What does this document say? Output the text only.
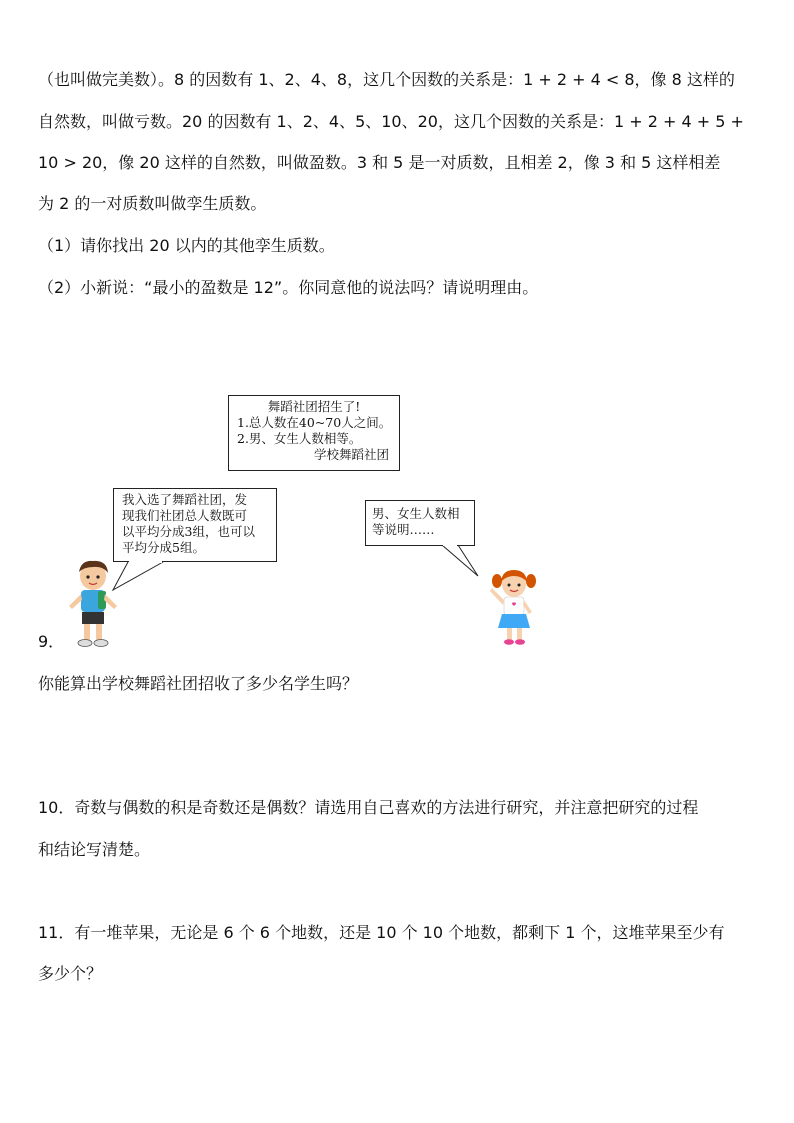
（也叫做完美数）。8 的因数有 1、2、4、8，这几个因数的关系是：1 + 2 + 4 < 8，像 8 这样的
自然数，叫做亏数。20 的因数有 1、2、4、5、10、20，这几个因数的关系是：1 + 2 + 4 + 5 +
10 > 20，像 20 这样的自然数，叫做盈数。3 和 5 是一对质数，且相差 2，像 3 和 5 这样相差
为 2 的一对质数叫做孪生质数。
（1）请你找出 20 以内的其他孪生质数。
（2）小新说：“最小的盈数是 12”。你同意他的说法吗？请说明理由。
舞蹈社团招生了!
1.总人数在40~70人之间。
2.男、女生人数相等。
学校舞蹈社团
我入选了舞蹈社团，发
现我们社团总人数既可
以平均分成3组，也可以
平均分成5组。
男、女生人数相
等说明……
9．
你能算出学校舞蹈社团招收了多少名学生吗？
10．奇数与偶数的积是奇数还是偶数？请选用自己喜欢的方法进行研究，并注意把研究的过程
和结论写清楚。
11．有一堆苹果，无论是 6 个 6 个地数，还是 10 个 10 个地数，都剩下 1 个，这堆苹果至少有
多少个？
